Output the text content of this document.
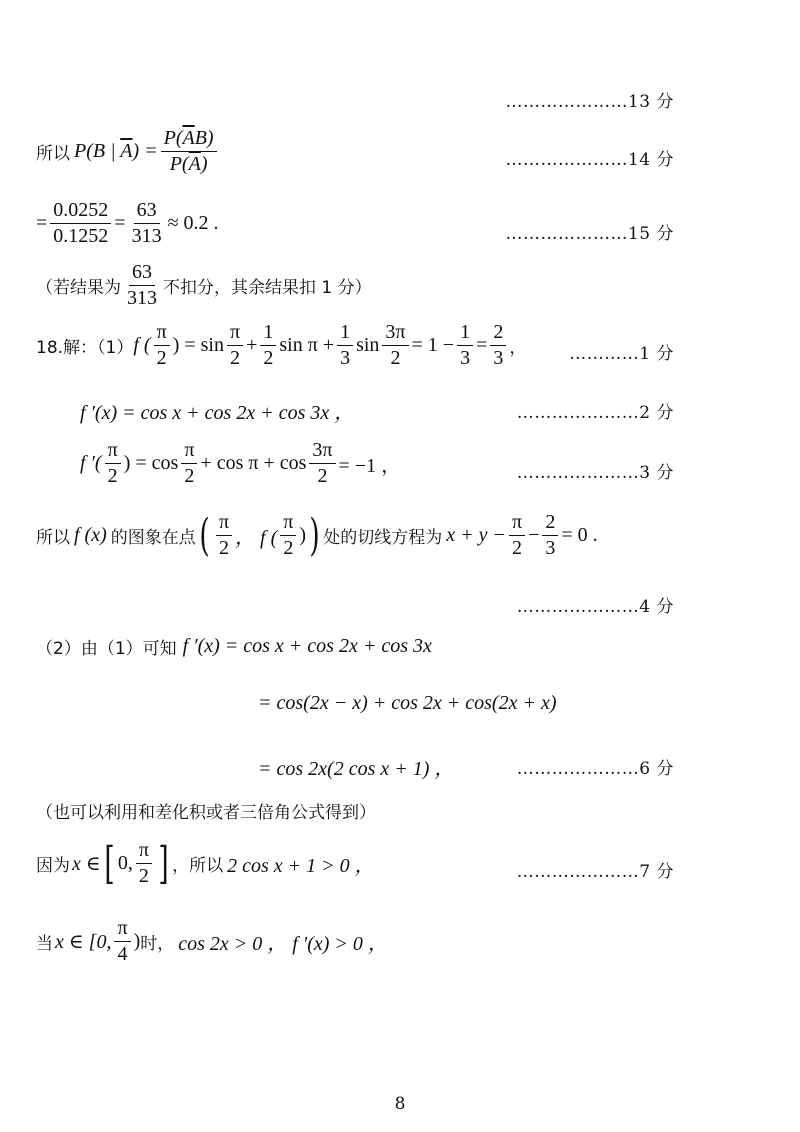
…………………13 分
所以 P(B | $\overline{A}) = \frac{P(\overline{A}B)}{P(\overline{A})}$	…………………14 分
= $\frac{0.0252}{0.1252} = \frac{63}{313} \approx 0.2$ .	…………………15 分
（若结果为 $\frac{63}{313}$ 不扣分，其余结果扣 1 分）
18.解：（1） f ( $\frac{\pi}{2}$ ) = $\sin \frac{\pi}{2} + \frac{1}{2}$ $\sin \pi + \frac{1}{3}$ $\sin \frac{3\pi}{2} = 1 - \frac{1}{3} = \frac{2}{3}$ ，	…………1 分
f ′(x) = cos x + cos 2x + cos 3x ，	…………………2 分
f ′( $\frac{\pi}{2}$ ) = $\cos \frac{\pi}{2} + \cos \pi + \cos \frac{3\pi}{2} = -1$ ，	…………………3 分
所以 f (x) 的图象在点 ( $\frac{\pi}{2}$ ， f ( $\frac{\pi}{2}$ ) ) 处的切线方程为 $x + y - \frac{\pi}{2} - \frac{2}{3} = 0$ .
…………………4 分
（2）由（1）可知 f ′(x) = cos x + cos 2x + cos 3x
= cos(2x − x) + cos 2x + cos(2x + x)
= cos 2x(2 cos x + 1) ，	…………………6 分
（也可以利用和差化积或者三倍角公式得到）
因为 x ∈ [ 0, $\frac{\pi}{2}$ ] ，所以 2 cos x + 1 > 0 ，	…………………7 分
当 x ∈ [0, $\frac{\pi}{4}$ ) 时， cos 2x > 0 ， f ′(x) > 0 ，
8
